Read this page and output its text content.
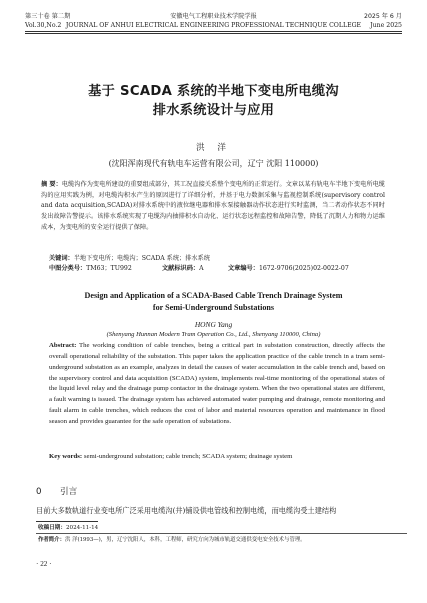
第三十卷 第二期
Vol.30,No.2
安徽电气工程职业技术学院学报
JOURNAL OF ANHUI ELECTRICAL ENGINEERING PROFESSIONAL TECHNIQUE COLLEGE
2025 年 6 月
June 2025
基于 SCADA 系统的半地下变电所电缆沟
排水系统设计与应用
洪 洋
(沈阳浑南现代有轨电车运营有限公司，辽宁 沈阳 110000)
摘 要：电缆沟作为变电所建设的重要组成部分，其工况直接关系整个变电所的正常运行。文章以某有轨电车半地下变电所电缆沟的应用实践为例，对电缆沟积水产生的原因进行了详细分析，并基于电力数据采集与监视控制系统(supervisory control and data acquisition,SCADA)对排水系统中的液位继电器和排水泵接触器动作状态进行实时监测，当二者动作状态不同时发出故障告警提示。该排水系统实现了电缆沟内抽排积水自动化、运行状态远程监控和故障告警，降低了沉期人力和物力运维成本，为变电所的安全运行提供了保障。
关键词：半地下变电所；电缆沟；SCADA 系统；排水系统
中图分类号：TM63；TU992	文献标识码：A	文章编号：1672-9706(2025)02-0022-07
Design and Application of a SCADA-Based Cable Trench Drainage System
for Semi-Underground Substations
HONG Yang
(Shenyang Hunnan Modern Tram Operation Co., Ltd., Shenyang 110000, China)
Abstract: The working condition of cable trenches, being a critical part in substation construction, directly affects the overall operational reliability of the substation. This paper takes the application practice of the cable trench in a tram semi-underground substation as an example, analyzes in detail the causes of water accumulation in the cable trench and, based on the supervisory control and data acquisition (SCADA) system, implements real-time monitoring of the operational states of the liquid level relay and the drainage pump contactor in the drainage system. When the two operational states are different, a fault warning is issued. The drainage system has achieved automated water pumping and drainage, remote monitoring and fault alarm in cable trenches, which reduces the cost of labor and material resources operation and maintenance in flood season and provides guarantee for the safe operation of substations.
Key words: semi-underground substation; cable trench; SCADA system; drainage system
0 引言
目前大多数轨道行业变电所广泛采用电缆沟(井)铺设供电管线和控制电缆，而电缆沟受土建结构
收稿日期：2024-11-14
作者简介：洪 洋(1993—)，男，辽宁沈阳人，本科，工程师，研究方向为城市轨道交通供变电安全技术与管理。
· 22 ·
